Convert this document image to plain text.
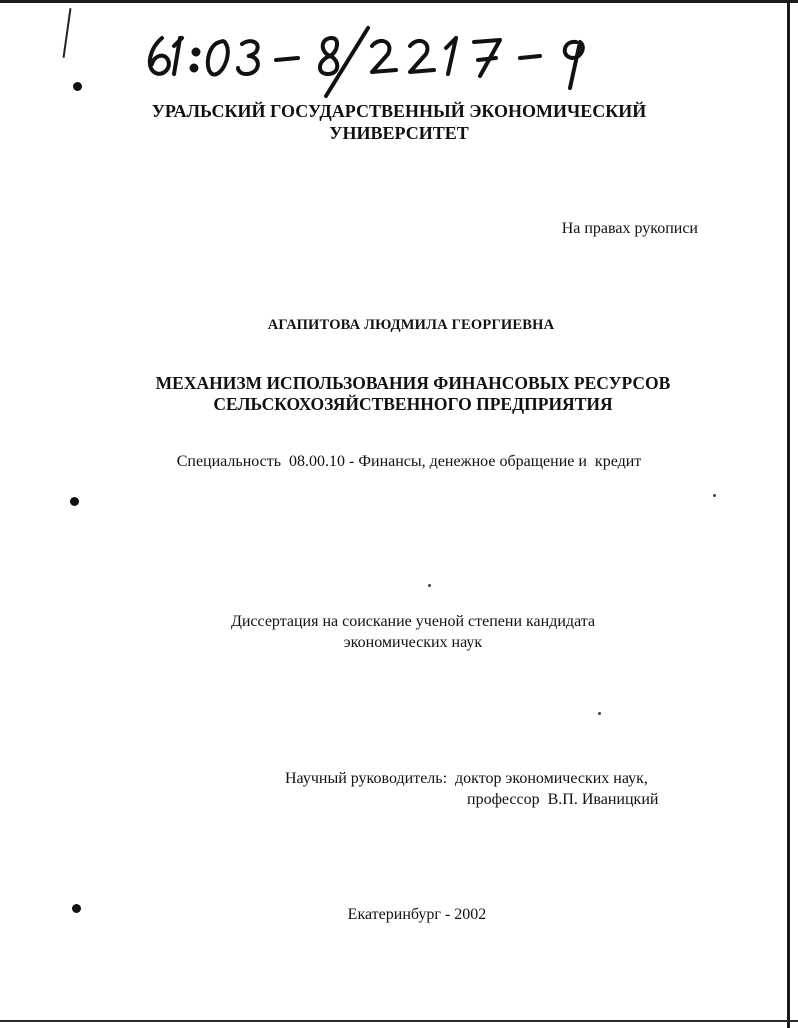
УРАЛЬСКИЙ ГОСУДАРСТВЕННЫЙ ЭКОНОМИЧЕСКИЙ
УНИВЕРСИТЕТ
На правах рукописи
АГАПИТОВА ЛЮДМИЛА ГЕОРГИЕВНА
МЕХАНИЗМ ИСПОЛЬЗОВАНИЯ ФИНАНСОВЫХ РЕСУРСОВ
СЕЛЬСКОХОЗЯЙСТВЕННОГО ПРЕДПРИЯТИЯ
Специальность  08.00.10 - Финансы, денежное обращение и  кредит
Диссертация на соискание ученой степени кандидата
экономических наук
Научный руководитель:  доктор экономических наук,
профессор  В.П. Иваницкий
Екатеринбург - 2002
